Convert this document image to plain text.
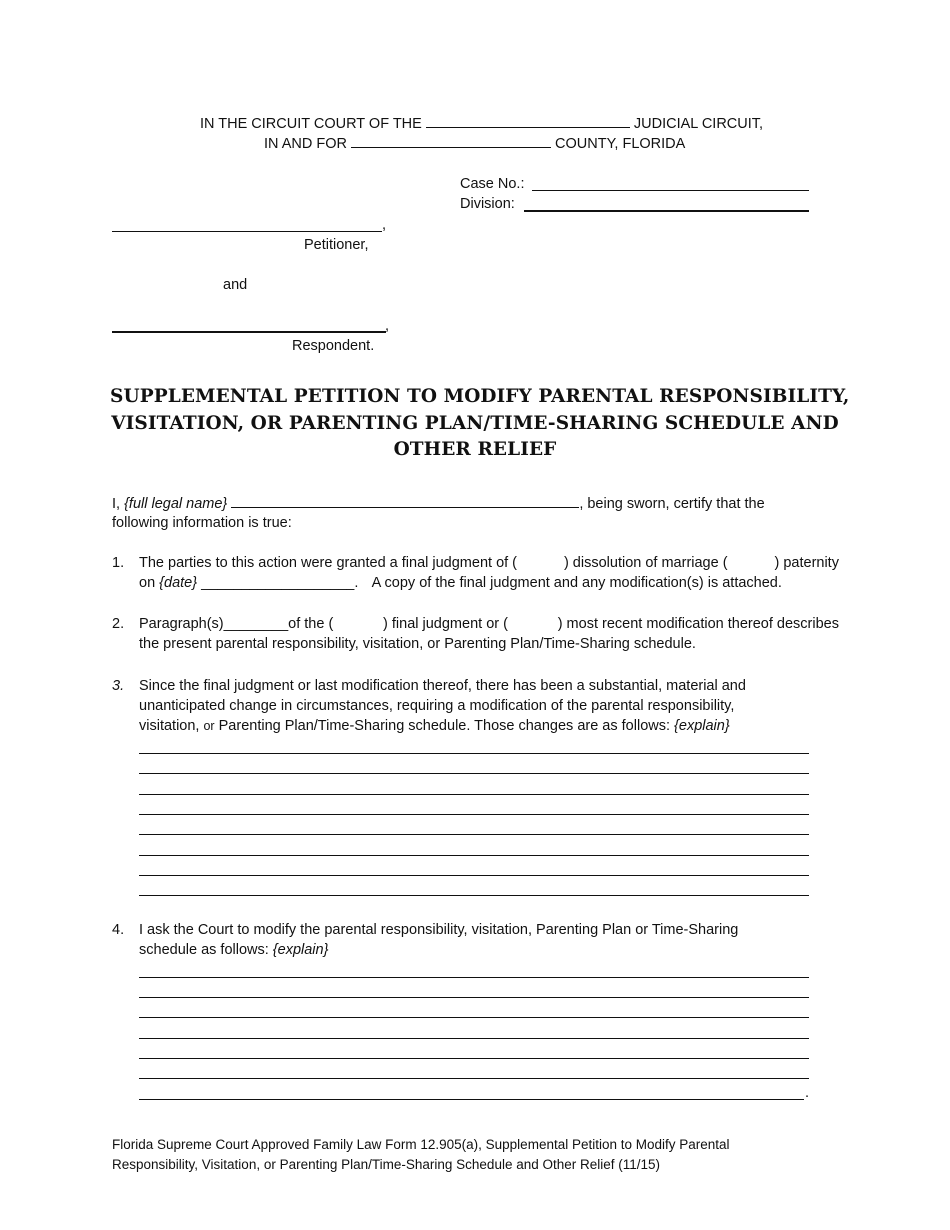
IN THE CIRCUIT COURT OF THE	JUDICIAL CIRCUIT,
IN AND FOR	COUNTY, FLORIDA
Case No.:
Division:
,
Petitioner,
and
,
Respondent.
SUPPLEMENTAL PETITION TO MODIFY PARENTAL RESPONSIBILITY,
VISITATION, OR PARENTING PLAN/TIME-SHARING SCHEDULE AND
OTHER RELIEF
I, {full legal name}	, being sworn, certify that the
following information is true:
1. The parties to this action were granted a final judgment of (	) dissolution of marriage (	) paternity
on {date} ___________________. A copy of the final judgment and any modification(s) is attached.
2. Paragraph(s)________of the (	) final judgment or (	) most recent modification thereof describes
the present parental responsibility, visitation, or Parenting Plan/Time-Sharing schedule.
3. Since the final judgment or last modification thereof, there has been a substantial, material and
unanticipated change in circumstances, requiring a modification of the parental responsibility,
visitation, or Parenting Plan/Time-Sharing schedule. Those changes are as follows: {explain}
4. I ask the Court to modify the parental responsibility, visitation, Parenting Plan or Time-Sharing
schedule as follows: {explain}
.
Florida Supreme Court Approved Family Law Form 12.905(a), Supplemental Petition to Modify Parental
Responsibility, Visitation, or Parenting Plan/Time-Sharing Schedule and Other Relief (11/15)
